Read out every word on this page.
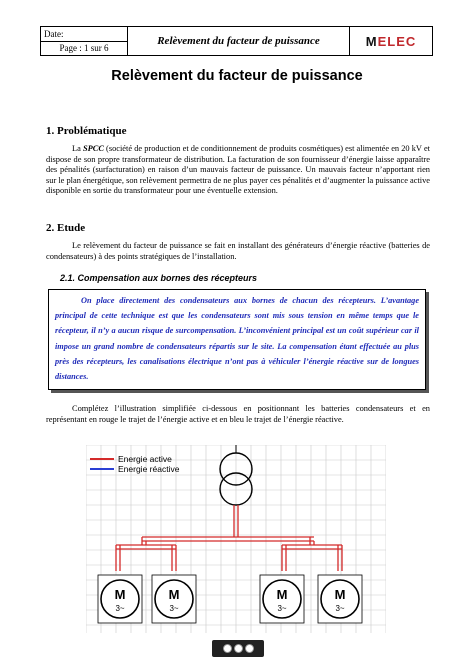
Date:
Page : 1 sur 6
Relèvement du facteur de puissance	M ELEC
Relèvement du facteur de puissance
1. Problématique
La SPCC (société de production et de conditionnement de produits cosmétiques) est alimentée en 20 kV et dispose de son propre transformateur de distribution. La facturation de son fournisseur d’énergie laisse apparaître des pénalités (surfacturation) en raison d’un mauvais facteur de puissance. Un mauvais facteur n’apportant rien sur le plan énergétique, son relèvement permettra de ne plus payer ces pénalités et d’augmenter la puissance active disponible en sortie du transformateur pour une éventuelle extension.
2. Etude
Le relèvement du facteur de puissance se fait en installant des générateurs d’énergie réactive (batteries de condensateurs) à des points stratégiques de l’installation.
2.1. Compensation aux bornes des récepteurs
On place directement des condensateurs aux bornes de chacun des récepteurs. L’avantage principal de cette technique est que les condensateurs sont mis sous tension en même temps que le récepteur, il n’y a aucun risque de surcompensation. L’inconvénient principal est un coût supérieur car il impose un grand nombre de condensateurs répartis sur le site. La compensation étant effectuée au plus près des récepteurs, les canalisations électrique n’ont pas à véhiculer l’énergie réactive sur de longues distances.
Complétez l’illustration simplifiée ci-dessous en positionnant les batteries condensateurs et en représentant en rouge le trajet de l’énergie active et en bleu le trajet de l’énergie réactive.
Energie active
Energie réactive
M
3~
M
3~
M
3~
M
3~
